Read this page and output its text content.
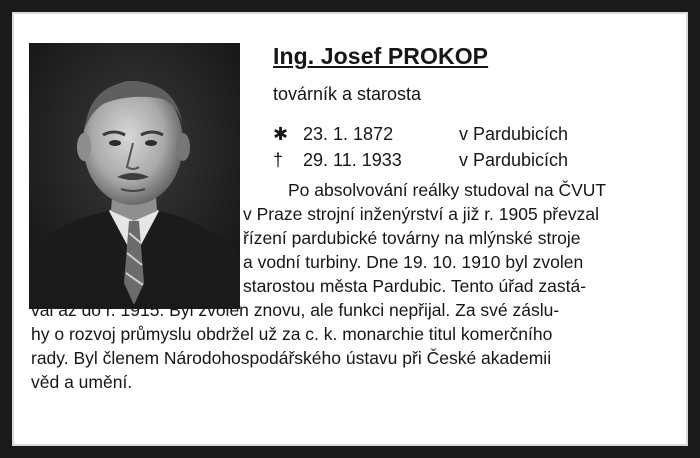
Ing. Josef PROKOP
továrník a starosta
✱ 23. 1. 1872	v Pardubicích
†	29. 11. 1933	v Pardubicích
Po absolvování reálky studoval na ČVUT
v Praze strojní inženýrství a již r. 1905 převzal
řízení pardubické továrny na mlýnské stroje
a vodní turbiny. Dne 19. 10. 1910 byl zvolen
starostou města Pardubic. Tento úřad zastá-
val až do r. 1915. Byl zvolen znovu, ale funkci nepřijal. Za své záslu-
hy o rozvoj průmyslu obdržel už za c. k. monarchie titul komerčního
rady. Byl členem Národohospodářského ústavu při České akademii
věd a umění.
